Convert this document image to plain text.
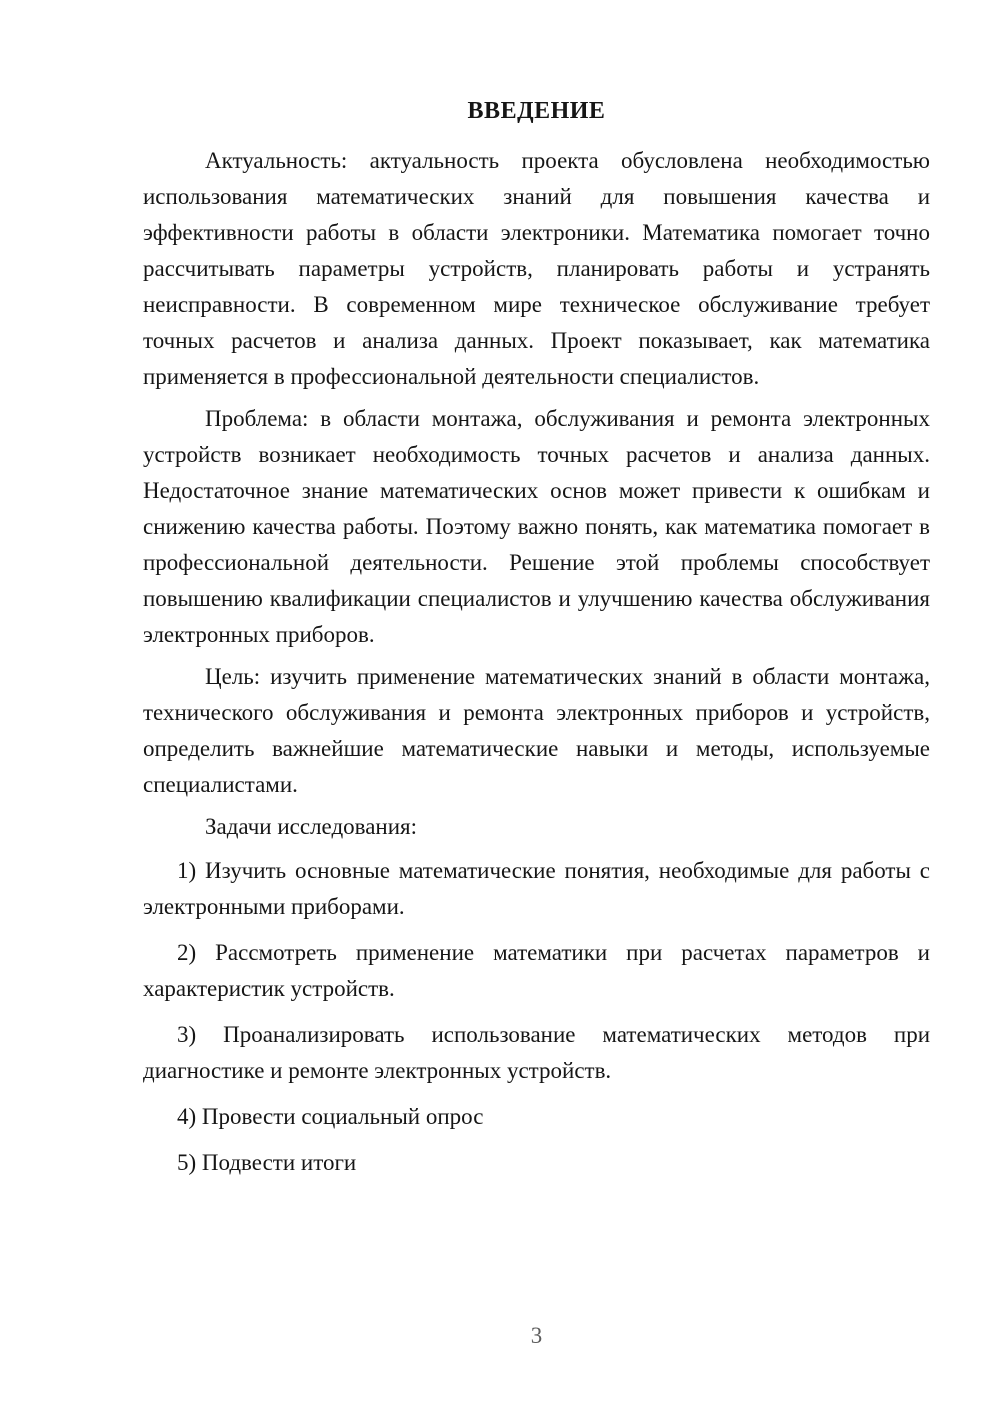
ВВЕДЕНИЕ

Актуальность: актуальность проекта обусловлена необходимостью использования математических знаний для повышения качества и эффективности работы в области электроники. Математика помогает точно рассчитывать параметры устройств, планировать работы и устранять неисправности. В современном мире техническое обслуживание требует точных расчетов и анализа данных. Проект показывает, как математика применяется в профессиональной деятельности специалистов.

Проблема: в области монтажа, обслуживания и ремонта электронных устройств возникает необходимость точных расчетов и анализа данных. Недостаточное знание математических основ может привести к ошибкам и снижению качества работы. Поэтому важно понять, как математика помогает в профессиональной деятельности. Решение этой проблемы способствует повышению квалификации специалистов и улучшению качества обслуживания электронных приборов.

Цель: изучить применение математических знаний в области монтажа, технического обслуживания и ремонта электронных приборов и устройств, определить важнейшие математические навыки и методы, используемые специалистами.

Задачи исследования:

1) Изучить основные математические понятия, необходимые для работы с электронными приборами.

2) Рассмотреть применение математики при расчетах параметров и характеристик устройств.

3) Проанализировать использование математических методов при диагностике и ремонте электронных устройств.

4) Провести социальный опрос

5) Подвести итоги

3
